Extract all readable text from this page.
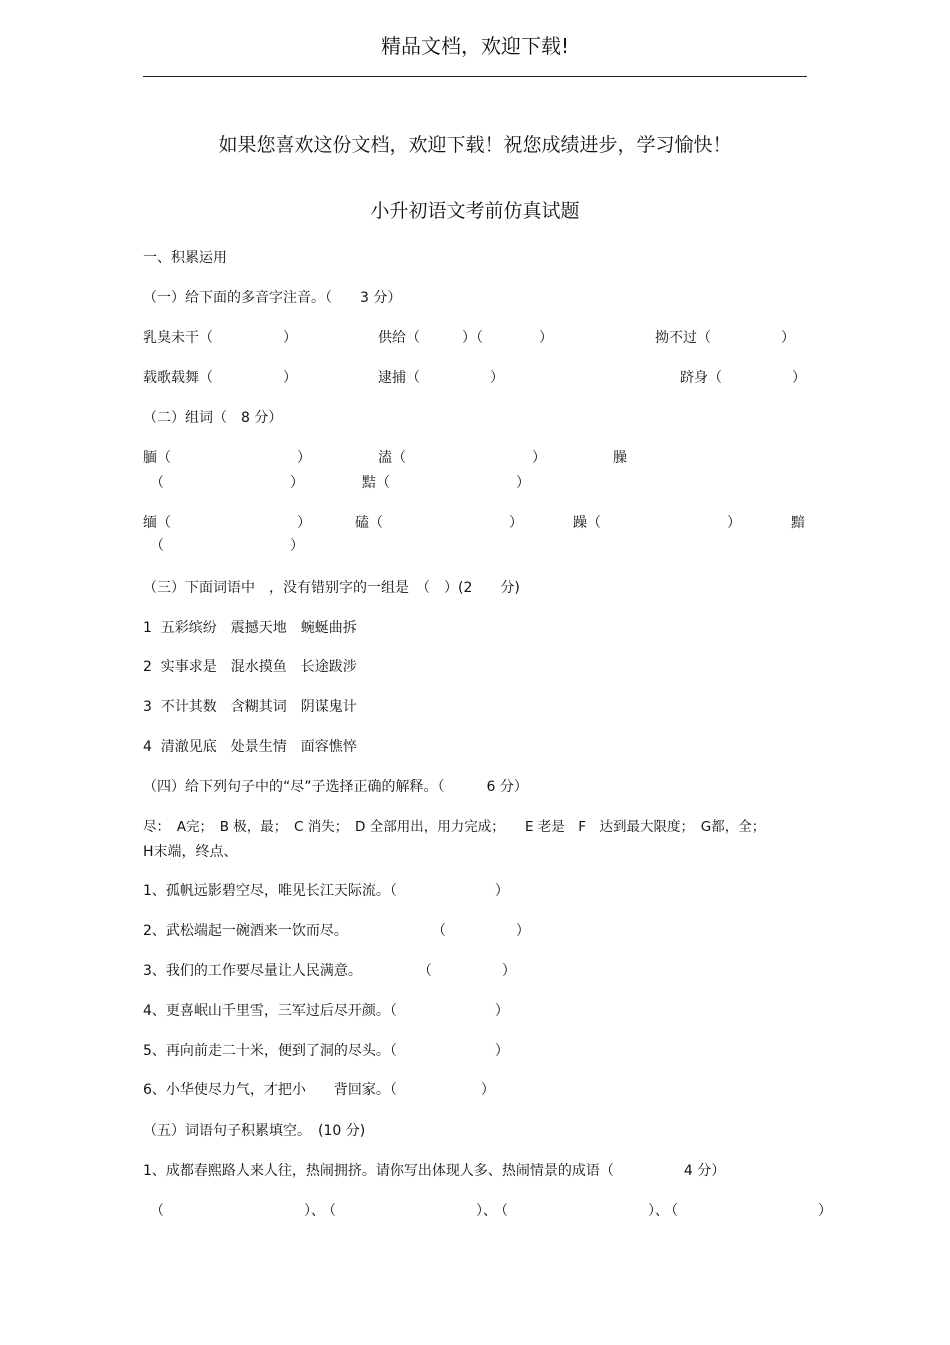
精品文档，欢迎下载!
如果您喜欢这份文档，欢迎下载！祝您成绩进步，学习愉快！
小升初语文考前仿真试题
一、积累运用
（一）给下面的多音字注音。（　　3 分）
乳臭未干（　　　　　）	供给（　　　）（　　　　）	拗不过（　　　　　）
载歌载舞（　　　　　）	逮捕（　　　　　）	跻身（　　　　　）
（二）组词（　8 分）
腼（　　　　　　　　　）	溘（　　　　　　　　　）	臊
（　　　　　　　　　）	黠（　　　　　　　　　）
缅（　　　　　　　　　）	磕（　　　　　　　　　）	躁（　　　　　　　　　）	黯
（　　　　　　　　　）
（三）下面词语中　，没有错别字的一组是　（　）(2　　分)
1  五彩缤纷　震撼天地　蜿蜒曲拆
2  实事求是　混水摸鱼　长途跋涉
3  不计其数　含糊其词　阴谋鬼计
4  清澈见底　处景生情　面容憔悴
（四）给下列句子中的“尽”子选择正确的解释。（　　　6 分）
尽：　A完；　B 极，最；　C 消失；　D 全部用出，用力完成；　　E 老是　F　达到最大限度；　G都，全；
H末端，终点、
1、孤帆远影碧空尽，唯见长江天际流。（　　　　　　　）
2、武松端起一碗酒来一饮而尽。　　　　　　　（　　　　　）
3、我们的工作要尽量让人民满意。　　　　　（　　　　　）
4、更喜岷山千里雪，三军过后尽开颜。（　　　　　　　）
5、再向前走二十米，便到了洞的尽头。（　　　　　　　）
6、小华使尽力气，才把小　　背回家。（　　　　　　）
（五）词语句子积累填空。　(10 分)
1、成都春熙路人来人往，热闹拥挤。请你写出体现人多、热闹情景的成语（　　　　　4 分）
（　　　　　　　　　　）、
（　　　　　　　　　　）、
（　　　　　　　　　　）、
（　　　　　　　　　　）
